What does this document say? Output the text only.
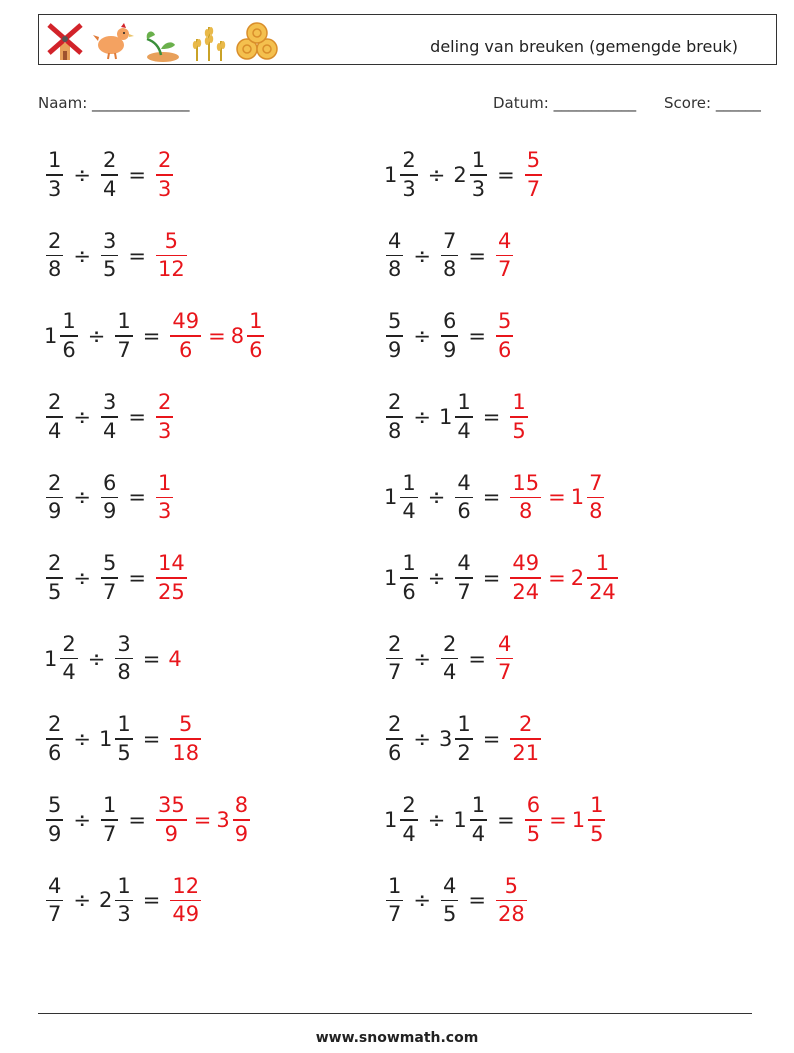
deling van breuken (gemengde breuk)
Naam: _____________	Datum: ___________ Score: ______
$\frac{1}{3} \div \frac{2}{4} = \frac{2}{3}$	$1 \frac{2}{3} \div 2 \frac{1}{3} = \frac{5}{7}$
$\frac{2}{8} \div \frac{3}{5} = \frac{5}{12}$	$\frac{4}{8} \div \frac{7}{8} = \frac{4}{7}$
$1 \frac{1}{6} \div \frac{1}{7} = \frac{49}{6} = 8 \frac{1}{6}$	$\frac{5}{9} \div \frac{6}{9} = \frac{5}{6}$
$\frac{2}{4} \div \frac{3}{4} = \frac{2}{3}$	$\frac{2}{8} \div 1 \frac{1}{4} = \frac{1}{5}$
$\frac{2}{9} \div \frac{6}{9} = \frac{1}{3}$	$1 \frac{1}{4} \div \frac{4}{6} = \frac{15}{8} = 1 \frac{7}{8}$
$\frac{2}{5} \div \frac{5}{7} = \frac{14}{25}$	$1 \frac{1}{6} \div \frac{4}{7} = \frac{49}{24} = 2 \frac{1}{24}$
$1 \frac{2}{4} \div \frac{3}{8} = 4$	$\frac{2}{7} \div \frac{2}{4} = \frac{4}{7}$
$\frac{2}{6} \div 1 \frac{1}{5} = \frac{5}{18}$	$\frac{2}{6} \div 3 \frac{1}{2} = \frac{2}{21}$
$\frac{5}{9} \div \frac{1}{7} = \frac{35}{9} = 3 \frac{8}{9}$	$1 \frac{2}{4} \div 1 \frac{1}{4} = \frac{6}{5} = 1 \frac{1}{5}$
$\frac{4}{7} \div 2 \frac{1}{3} = \frac{12}{49}$	$\frac{1}{7} \div \frac{4}{5} = \frac{5}{28}$
www.snowmath.com
